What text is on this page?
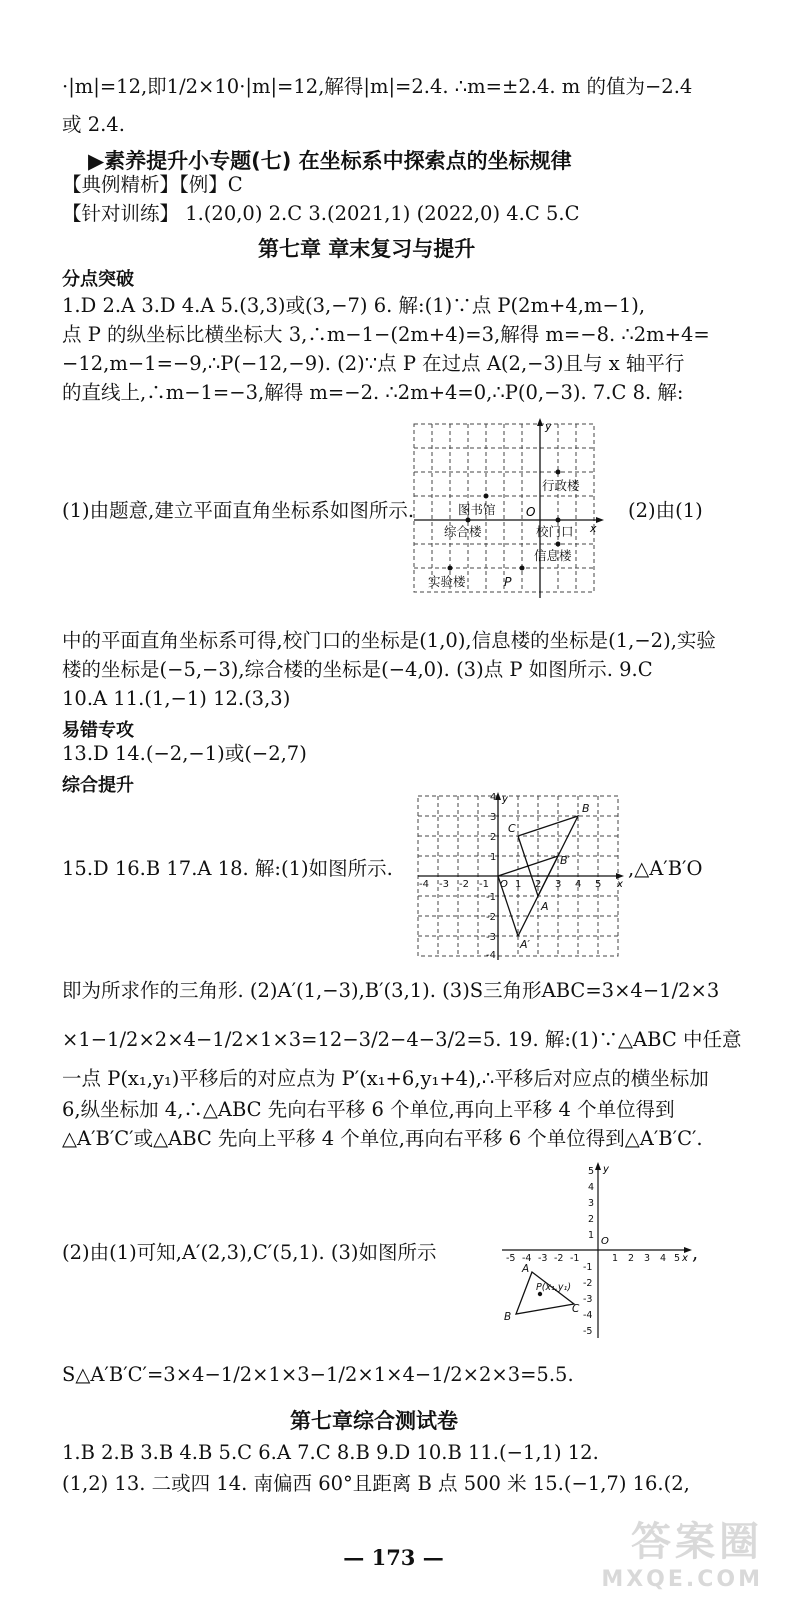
·|m|=12,即1/2×10·|m|=12,解得|m|=2.4. ∴m=±2.4. m 的值为−2.4
或 2.4.
▶素养提升小专题(七) 在坐标系中探索点的坐标规律
【典例精析】【例】C
【针对训练】 1.(20,0) 2.C 3.(2021,1) (2022,0) 4.C 5.C
第七章 章末复习与提升
分点突破
1.D 2.A 3.D 4.A 5.(3,3)或(3,−7) 6. 解:(1)∵点 P(2m+4,m−1),
点 P 的纵坐标比横坐标大 3,∴m−1−(2m+4)=3,解得 m=−8. ∴2m+4=
−12,m−1=−9,∴P(−12,−9). (2)∵点 P 在过点 A(2,−3)且与 x 轴平行
的直线上,∴m−1=−3,解得 m=−2. ∴2m+4=0,∴P(0,−3). 7.C 8. 解:
y
x
O
行政楼
图书馆
综合楼	校门口
信息楼
实验楼	P
(1)由题意,建立平面直角坐标系如图所示.	(2)由(1)
中的平面直角坐标系可得,校门口的坐标是(1,0),信息楼的坐标是(1,−2),实验
楼的坐标是(−5,−3),综合楼的坐标是(−4,0). (3)点 P 如图所示. 9.C
10.A 11.(1,−1) 12.(3,3)
易错专攻
13.D 14.(−2,−1)或(−2,7)
综合提升
y
x
O
-4 -3 -2 -1	1 2 3 4 5
4
3
2
1
-1
-2
-3
-4
A
B
C
A′
B′
15.D 16.B 17.A 18. 解:(1)如图所示.	,△A′B′O
即为所求作的三角形. (2)A′(1,−3),B′(3,1). (3)S三角形ABC=3×4−1/2×3
×1−1/2×2×4−1/2×1×3=12−3/2−4−3/2=5. 19. 解:(1)∵△ABC 中任意
一点 P(x₁,y₁)平移后的对应点为 P′(x₁+6,y₁+4),∴平移后对应点的横坐标加
6,纵坐标加 4,∴△ABC 先向右平移 6 个单位,再向上平移 4 个单位得到
△A′B′C′或△ABC 先向上平移 4 个单位,再向右平移 6 个单位得到△A′B′C′.
y
x
O
-5 -4 -3 -2 -1	1 2 3 4 5
5
4
3
2
1
-1
-2
-3
-4
-5
A
B
C
P(x₁,y₁)
(2)由(1)可知,A′(2,3),C′(5,1). (3)如图所示	,
S△A′B′C′=3×4−1/2×1×3−1/2×1×4−1/2×2×3=5.5.
第七章综合测试卷
1.B 2.B 3.B 4.B 5.C 6.A 7.C 8.B 9.D 10.B 11.(−1,1) 12.
(1,2) 13. 二或四 14. 南偏西 60°且距离 B 点 500 米 15.(−1,7) 16.(2,
— 173 —	答案圈
MXQE.COM
